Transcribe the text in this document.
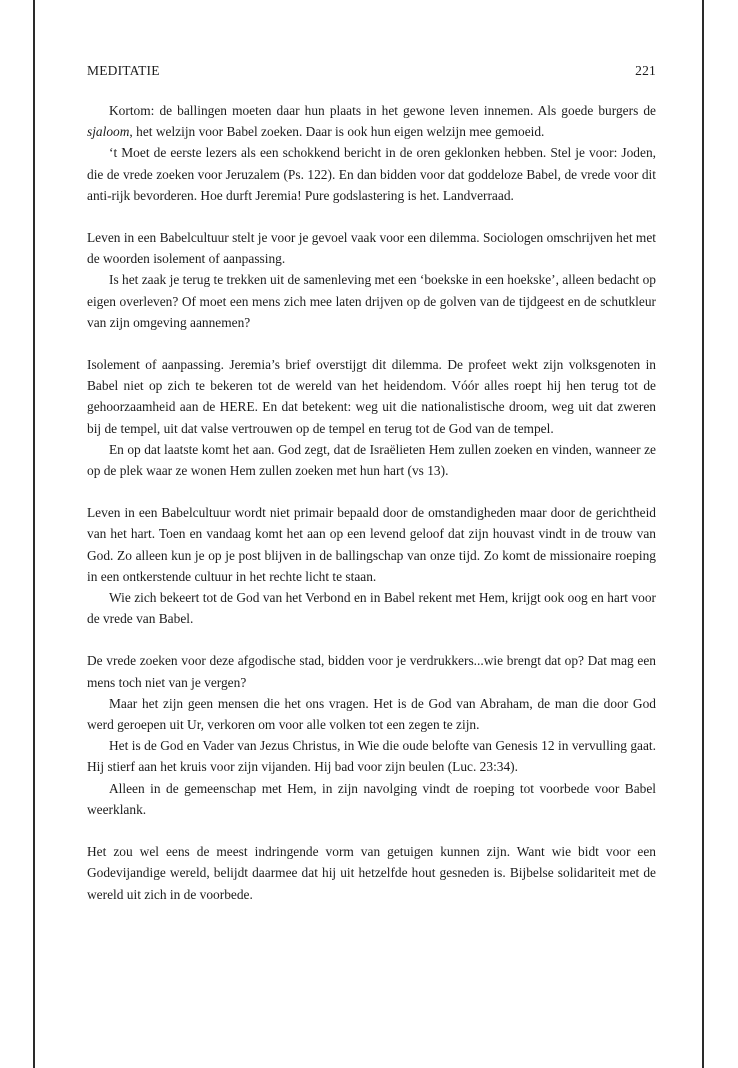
MEDITATIE	221

Kortom: de ballingen moeten daar hun plaats in het gewone leven innemen. Als goede burgers de sjaloom, het welzijn voor Babel zoeken. Daar is ook hun eigen welzijn mee gemoeid.

‘t Moet de eerste lezers als een schokkend bericht in de oren geklonken hebben. Stel je voor: Joden, die de vrede zoeken voor Jeruzalem (Ps. 122). En dan bidden voor dat goddeloze Babel, de vrede voor dit anti-rijk bevorderen. Hoe durft Jeremia! Pure godslastering is het. Landverraad.

Leven in een Babelcultuur stelt je voor je gevoel vaak voor een dilemma. Sociologen omschrijven het met de woorden isolement of aanpassing.

Is het zaak je terug te trekken uit de samenleving met een ‘boekske in een hoekske’, alleen bedacht op eigen overleven? Of moet een mens zich mee laten drijven op de golven van de tijdgeest en de schutkleur van zijn omgeving aannemen?

Isolement of aanpassing. Jeremia’s brief overstijgt dit dilemma. De profeet wekt zijn volksgenoten in Babel niet op zich te bekeren tot de wereld van het heidendom. Vóór alles roept hij hen terug tot de gehoorzaamheid aan de HERE. En dat betekent: weg uit die nationalistische droom, weg uit dat zweren bij de tempel, uit dat valse vertrouwen op de tempel en terug tot de God van de tempel.

En op dat laatste komt het aan. God zegt, dat de Israëlieten Hem zullen zoeken en vinden, wanneer ze op de plek waar ze wonen Hem zullen zoeken met hun hart (vs 13).

Leven in een Babelcultuur wordt niet primair bepaald door de omstandigheden maar door de gerichtheid van het hart. Toen en vandaag komt het aan op een levend geloof dat zijn houvast vindt in de trouw van God. Zo alleen kun je op je post blijven in de ballingschap van onze tijd. Zo komt de missionaire roeping in een ontkerstende cultuur in het rechte licht te staan.

Wie zich bekeert tot de God van het Verbond en in Babel rekent met Hem, krijgt ook oog en hart voor de vrede van Babel.

De vrede zoeken voor deze afgodische stad, bidden voor je verdrukkers...wie brengt dat op? Dat mag een mens toch niet van je vergen?

Maar het zijn geen mensen die het ons vragen. Het is de God van Abraham, de man die door God werd geroepen uit Ur, verkoren om voor alle volken tot een zegen te zijn.

Het is de God en Vader van Jezus Christus, in Wie die oude belofte van Genesis 12 in vervulling gaat. Hij stierf aan het kruis voor zijn vijanden. Hij bad voor zijn beulen (Luc. 23:34).

Alleen in de gemeenschap met Hem, in zijn navolging vindt de roeping tot voorbede voor Babel weerklank.

Het zou wel eens de meest indringende vorm van getuigen kunnen zijn. Want wie bidt voor een Godevijandige wereld, belijdt daarmee dat hij uit hetzelfde hout gesneden is. Bijbelse solidariteit met de wereld uit zich in de voorbede.
